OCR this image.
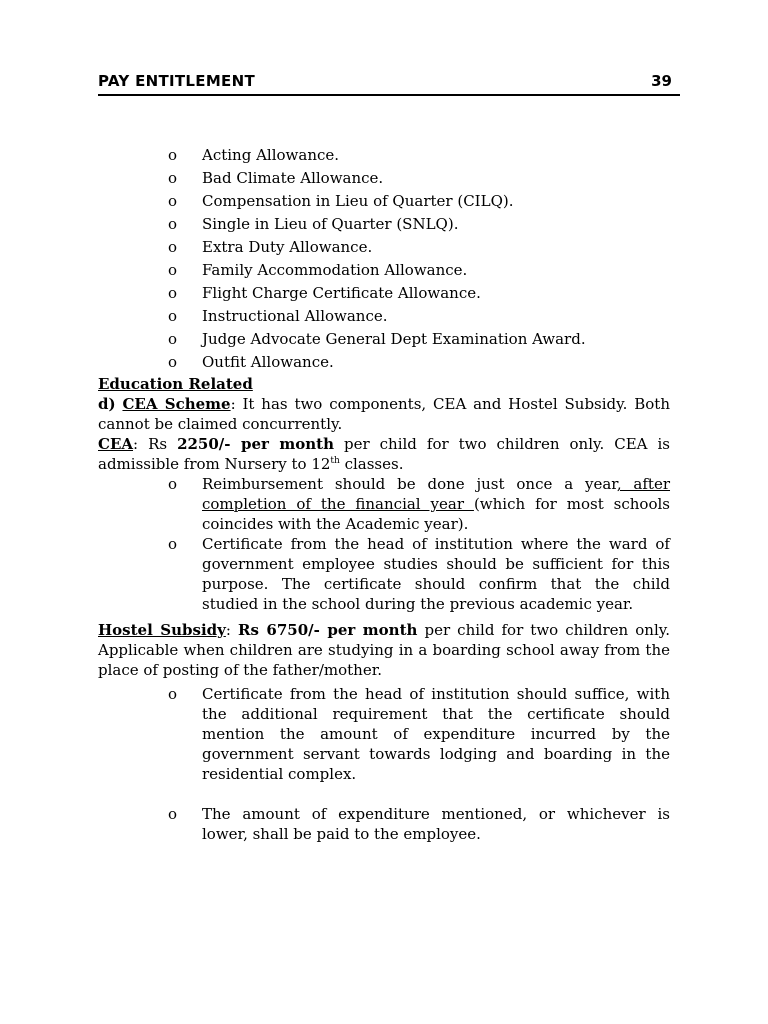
PAY ENTITLEMENT	39
o Acting Allowance.
o Bad Climate Allowance.
o Compensation in Lieu of Quarter (CILQ).
o Single in Lieu of Quarter (SNLQ).
o Extra Duty Allowance.
o Family Accommodation Allowance.
o Flight Charge Certificate Allowance.
o Instructional Allowance.
o Judge Advocate General Dept Examination Award.
o Outfit Allowance.
Education Related
d) CEA Scheme: It has two components, CEA and Hostel Subsidy. Both cannot be claimed concurrently.
CEA: Rs 2250/- per month per child for two children only. CEA is admissible from Nursery to 12th classes.
o Reimbursement should be done just once a year, after completion of the financial year (which for most schools coincides with the Academic year).
o Certificate from the head of institution where the ward of government employee studies should be sufficient for this purpose. The certificate should confirm that the child studied in the school during the previous academic year.
Hostel Subsidy: Rs 6750/- per month per child for two children only. Applicable when children are studying in a boarding school away from the place of posting of the father/mother.
o Certificate from the head of institution should suffice, with the additional requirement that the certificate should mention the amount of expenditure incurred by the government servant towards lodging and boarding in the residential complex.
o The amount of expenditure mentioned, or whichever is lower, shall be paid to the employee.
